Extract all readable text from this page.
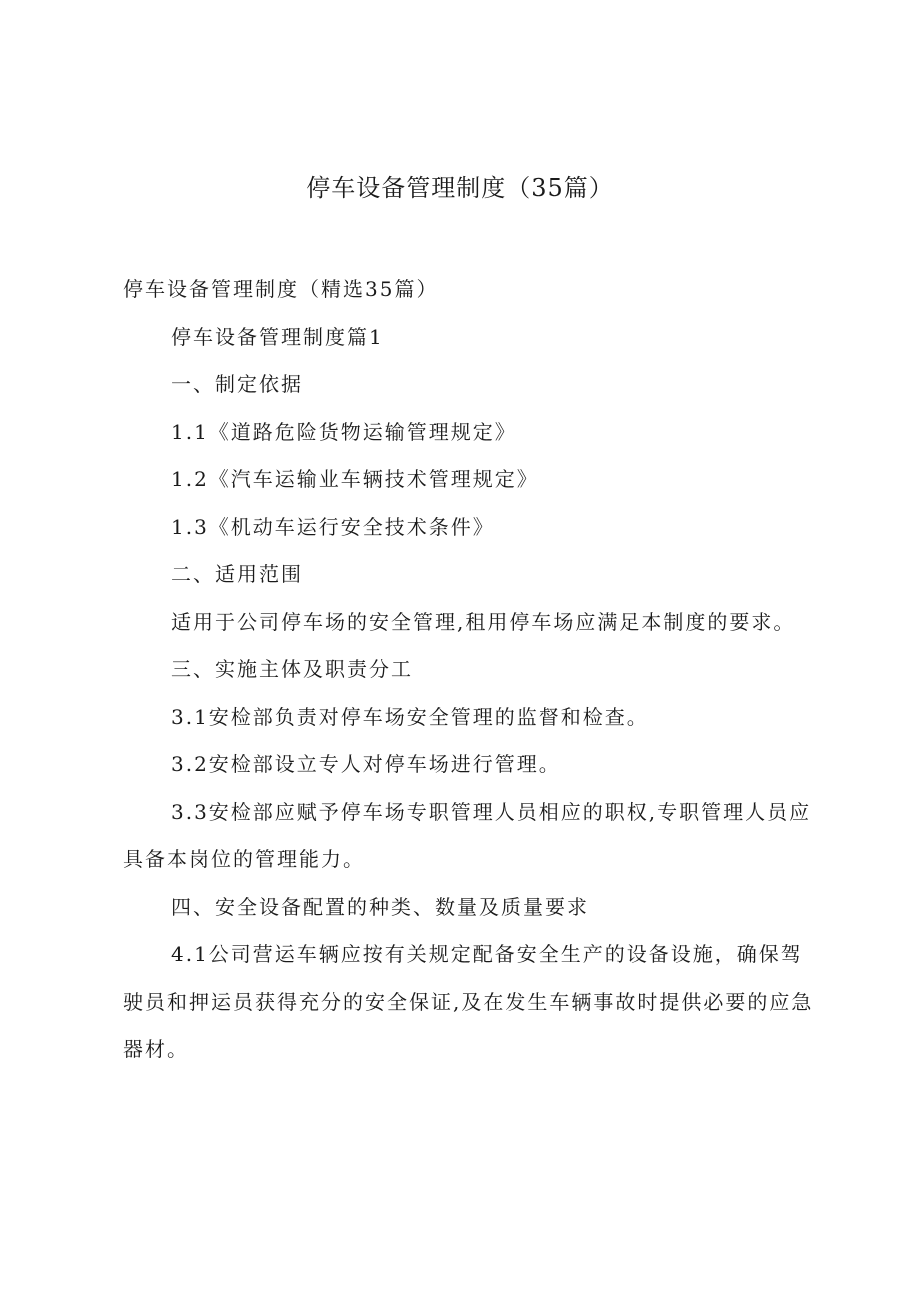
停车设备管理制度（35篇）

停车设备管理制度（精选35篇）

停车设备管理制度篇1

一、制定依据

1.1《道路危险货物运输管理规定》

1.2《汽车运输业车辆技术管理规定》

1.3《机动车运行安全技术条件》

二、适用范围

适用于公司停车场的安全管理,租用停车场应满足本制度的要求。

三、实施主体及职责分工

3.1安检部负责对停车场安全管理的监督和检查。

3.2安检部设立专人对停车场进行管理。

3.3安检部应赋予停车场专职管理人员相应的职权,专职管理人员应具备本岗位的管理能力。

四、安全设备配置的种类、数量及质量要求

4.1公司营运车辆应按有关规定配备安全生产的设备设施，确保驾驶员和押运员获得充分的安全保证,及在发生车辆事故时提供必要的应急器材。
